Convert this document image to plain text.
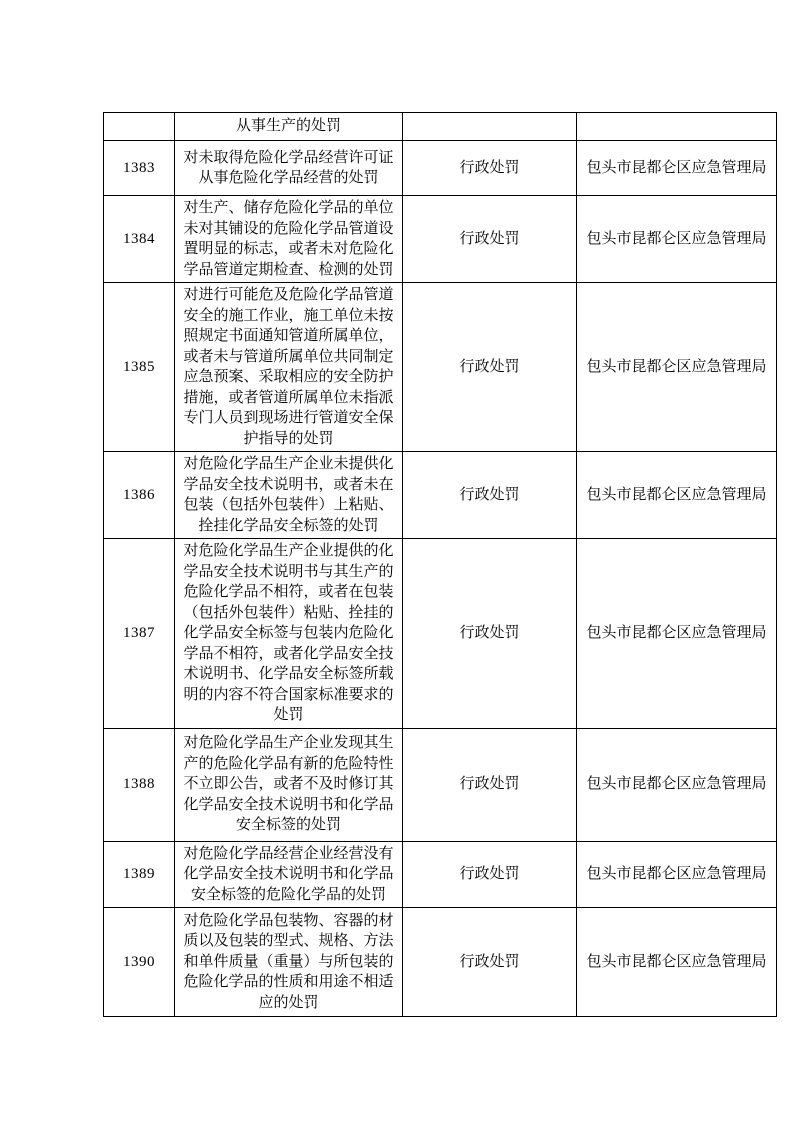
	从事生产的处罚		
1383	对未取得危险化学品经营许可证从事危险化学品经营的处罚	行政处罚	包头市昆都仑区应急管理局
1384	对生产、储存危险化学品的单位未对其铺设的危险化学品管道设置明显的标志，或者未对危险化学品管道定期检查、检测的处罚	行政处罚	包头市昆都仑区应急管理局
1385	对进行可能危及危险化学品管道安全的施工作业，施工单位未按照规定书面通知管道所属单位，或者未与管道所属单位共同制定应急预案、采取相应的安全防护措施，或者管道所属单位未指派专门人员到现场进行管道安全保护指导的处罚	行政处罚	包头市昆都仑区应急管理局
1386	对危险化学品生产企业未提供化学品安全技术说明书，或者未在包装（包括外包装件）上粘贴、拴挂化学品安全标签的处罚	行政处罚	包头市昆都仑区应急管理局
1387	对危险化学品生产企业提供的化学品安全技术说明书与其生产的危险化学品不相符，或者在包装（包括外包装件）粘贴、拴挂的化学品安全标签与包装内危险化学品不相符，或者化学品安全技术说明书、化学品安全标签所载明的内容不符合国家标准要求的处罚	行政处罚	包头市昆都仑区应急管理局
1388	对危险化学品生产企业发现其生产的危险化学品有新的危险特性不立即公告，或者不及时修订其化学品安全技术说明书和化学品安全标签的处罚	行政处罚	包头市昆都仑区应急管理局
1389	对危险化学品经营企业经营没有化学品安全技术说明书和化学品安全标签的危险化学品的处罚	行政处罚	包头市昆都仑区应急管理局
1390	对危险化学品包装物、容器的材质以及包装的型式、规格、方法和单件质量（重量）与所包装的危险化学品的性质和用途不相适应的处罚	行政处罚	包头市昆都仑区应急管理局
